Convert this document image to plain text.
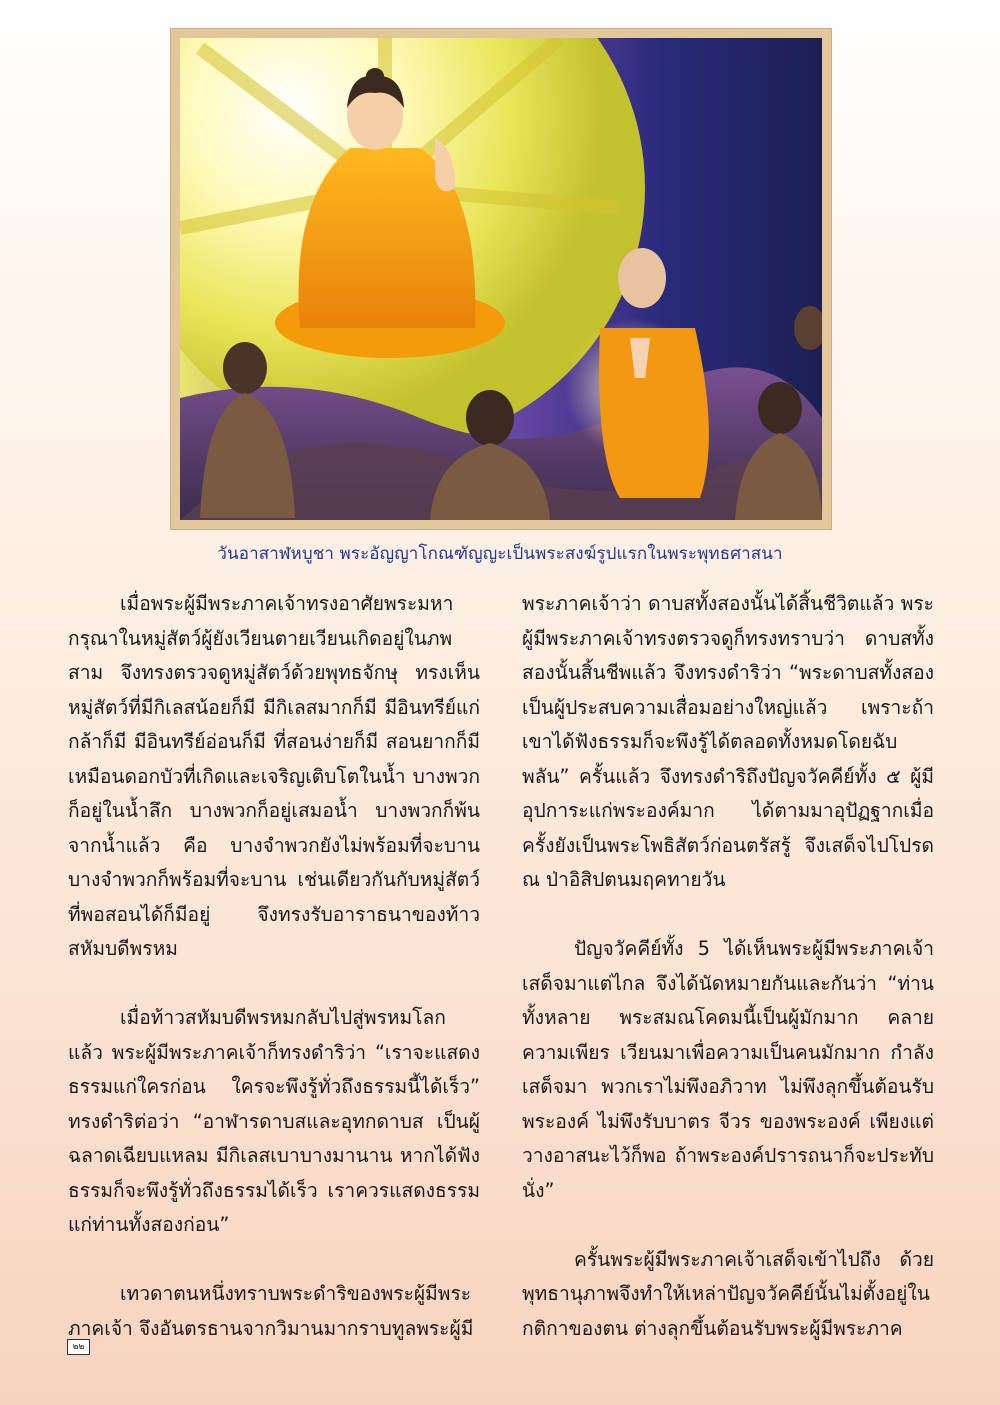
วันอาสาฬหบูชา พระอัญญาโกณฑัญญะเป็นพระสงฆ์รูปแรกในพระพุทธศาสนา

เมื่อพระผู้มีพระภาคเจ้าทรงอาศัยพระมหากรุณาในหมู่สัตว์ผู้ยังเวียนตายเวียนเกิดอยู่ในภพสาม จึงทรงตรวจดูหมู่สัตว์ด้วยพุทธจักษุ ทรงเห็นหมู่สัตว์ที่มีกิเลสน้อยก็มี มีกิเลสมากก็มี มีอินทรีย์แก่กล้าก็มี มีอินทรีย์อ่อนก็มี ที่สอนง่ายก็มี สอนยากก็มี เหมือนดอกบัวที่เกิดและเจริญเติบโตในน้ำ บางพวกก็อยู่ในน้ำลึก บางพวกก็อยู่เสมอน้ำ บางพวกก็พ้นจากน้ำแล้ว คือ บางจำพวกยังไม่พร้อมที่จะบาน บางจำพวกก็พร้อมที่จะบาน เช่นเดียวกันกับหมู่สัตว์ที่พอสอนได้ก็มีอยู่ จึงทรงรับอาราธนาของท้าวสหัมบดีพรหม

เมื่อท้าวสหัมบดีพรหมกลับไปสู่พรหมโลกแล้ว พระผู้มีพระภาคเจ้าก็ทรงดำริว่า “เราจะแสดงธรรมแก่ใครก่อน ใครจะพึงรู้ทั่วถึงธรรมนี้ได้เร็ว” ทรงดำริต่อว่า “อาฬารดาบสและอุทกดาบส เป็นผู้ฉลาดเฉียบแหลม มีกิเลสเบาบางมานาน หากได้ฟังธรรมก็จะพึงรู้ทั่วถึงธรรมได้เร็ว เราควรแสดงธรรมแก่ท่านทั้งสองก่อน”

เทวดาตนหนึ่งทราบพระดำริของพระผู้มีพระภาคเจ้า จึงอันตรธานจากวิมานมากราบทูลพระผู้มี

พระภาคเจ้าว่า ดาบสทั้งสองนั้นได้สิ้นชีวิตแล้ว พระผู้มีพระภาคเจ้าทรงตรวจดูก็ทรงทราบว่า ดาบสทั้งสองนั้นสิ้นชีพแล้ว จึงทรงดำริว่า “พระดาบสทั้งสองเป็นผู้ประสบความเสื่อมอย่างใหญ่แล้ว เพราะถ้าเขาได้ฟังธรรมก็จะพึงรู้ได้ตลอดทั้งหมดโดยฉับพลัน” ครั้นแล้ว จึงทรงดำริถึงปัญจวัคคีย์ทั้ง ๕ ผู้มีอุปการะแก่พระองค์มาก ได้ตามมาอุปัฏฐากเมื่อครั้งยังเป็นพระโพธิสัตว์ก่อนตรัสรู้ จึงเสด็จไปโปรด ณ ป่าอิสิปตนมฤคทายวัน

ปัญจวัคคีย์ทั้ง 5 ได้เห็นพระผู้มีพระภาคเจ้าเสด็จมาแต่ไกล จึงได้นัดหมายกันและกันว่า “ท่านทั้งหลาย พระสมณโคดมนี้เป็นผู้มักมาก คลายความเพียร เวียนมาเพื่อความเป็นคนมักมาก กำลังเสด็จมา พวกเราไม่พึงอภิวาท ไม่พึงลุกขึ้นต้อนรับพระองค์ ไม่พึงรับบาตร จีวร ของพระองค์ เพียงแต่วางอาสนะไว้ก็พอ ถ้าพระองค์ปรารถนาก็จะประทับนั่ง”

ครั้นพระผู้มีพระภาคเจ้าเสด็จเข้าไปถึง ด้วยพุทธานุภาพจึงทำให้เหล่าปัญจวัคคีย์นั้นไม่ตั้งอยู่ในกติกาของตน ต่างลุกขึ้นต้อนรับพระผู้มีพระภาค

๒๒
